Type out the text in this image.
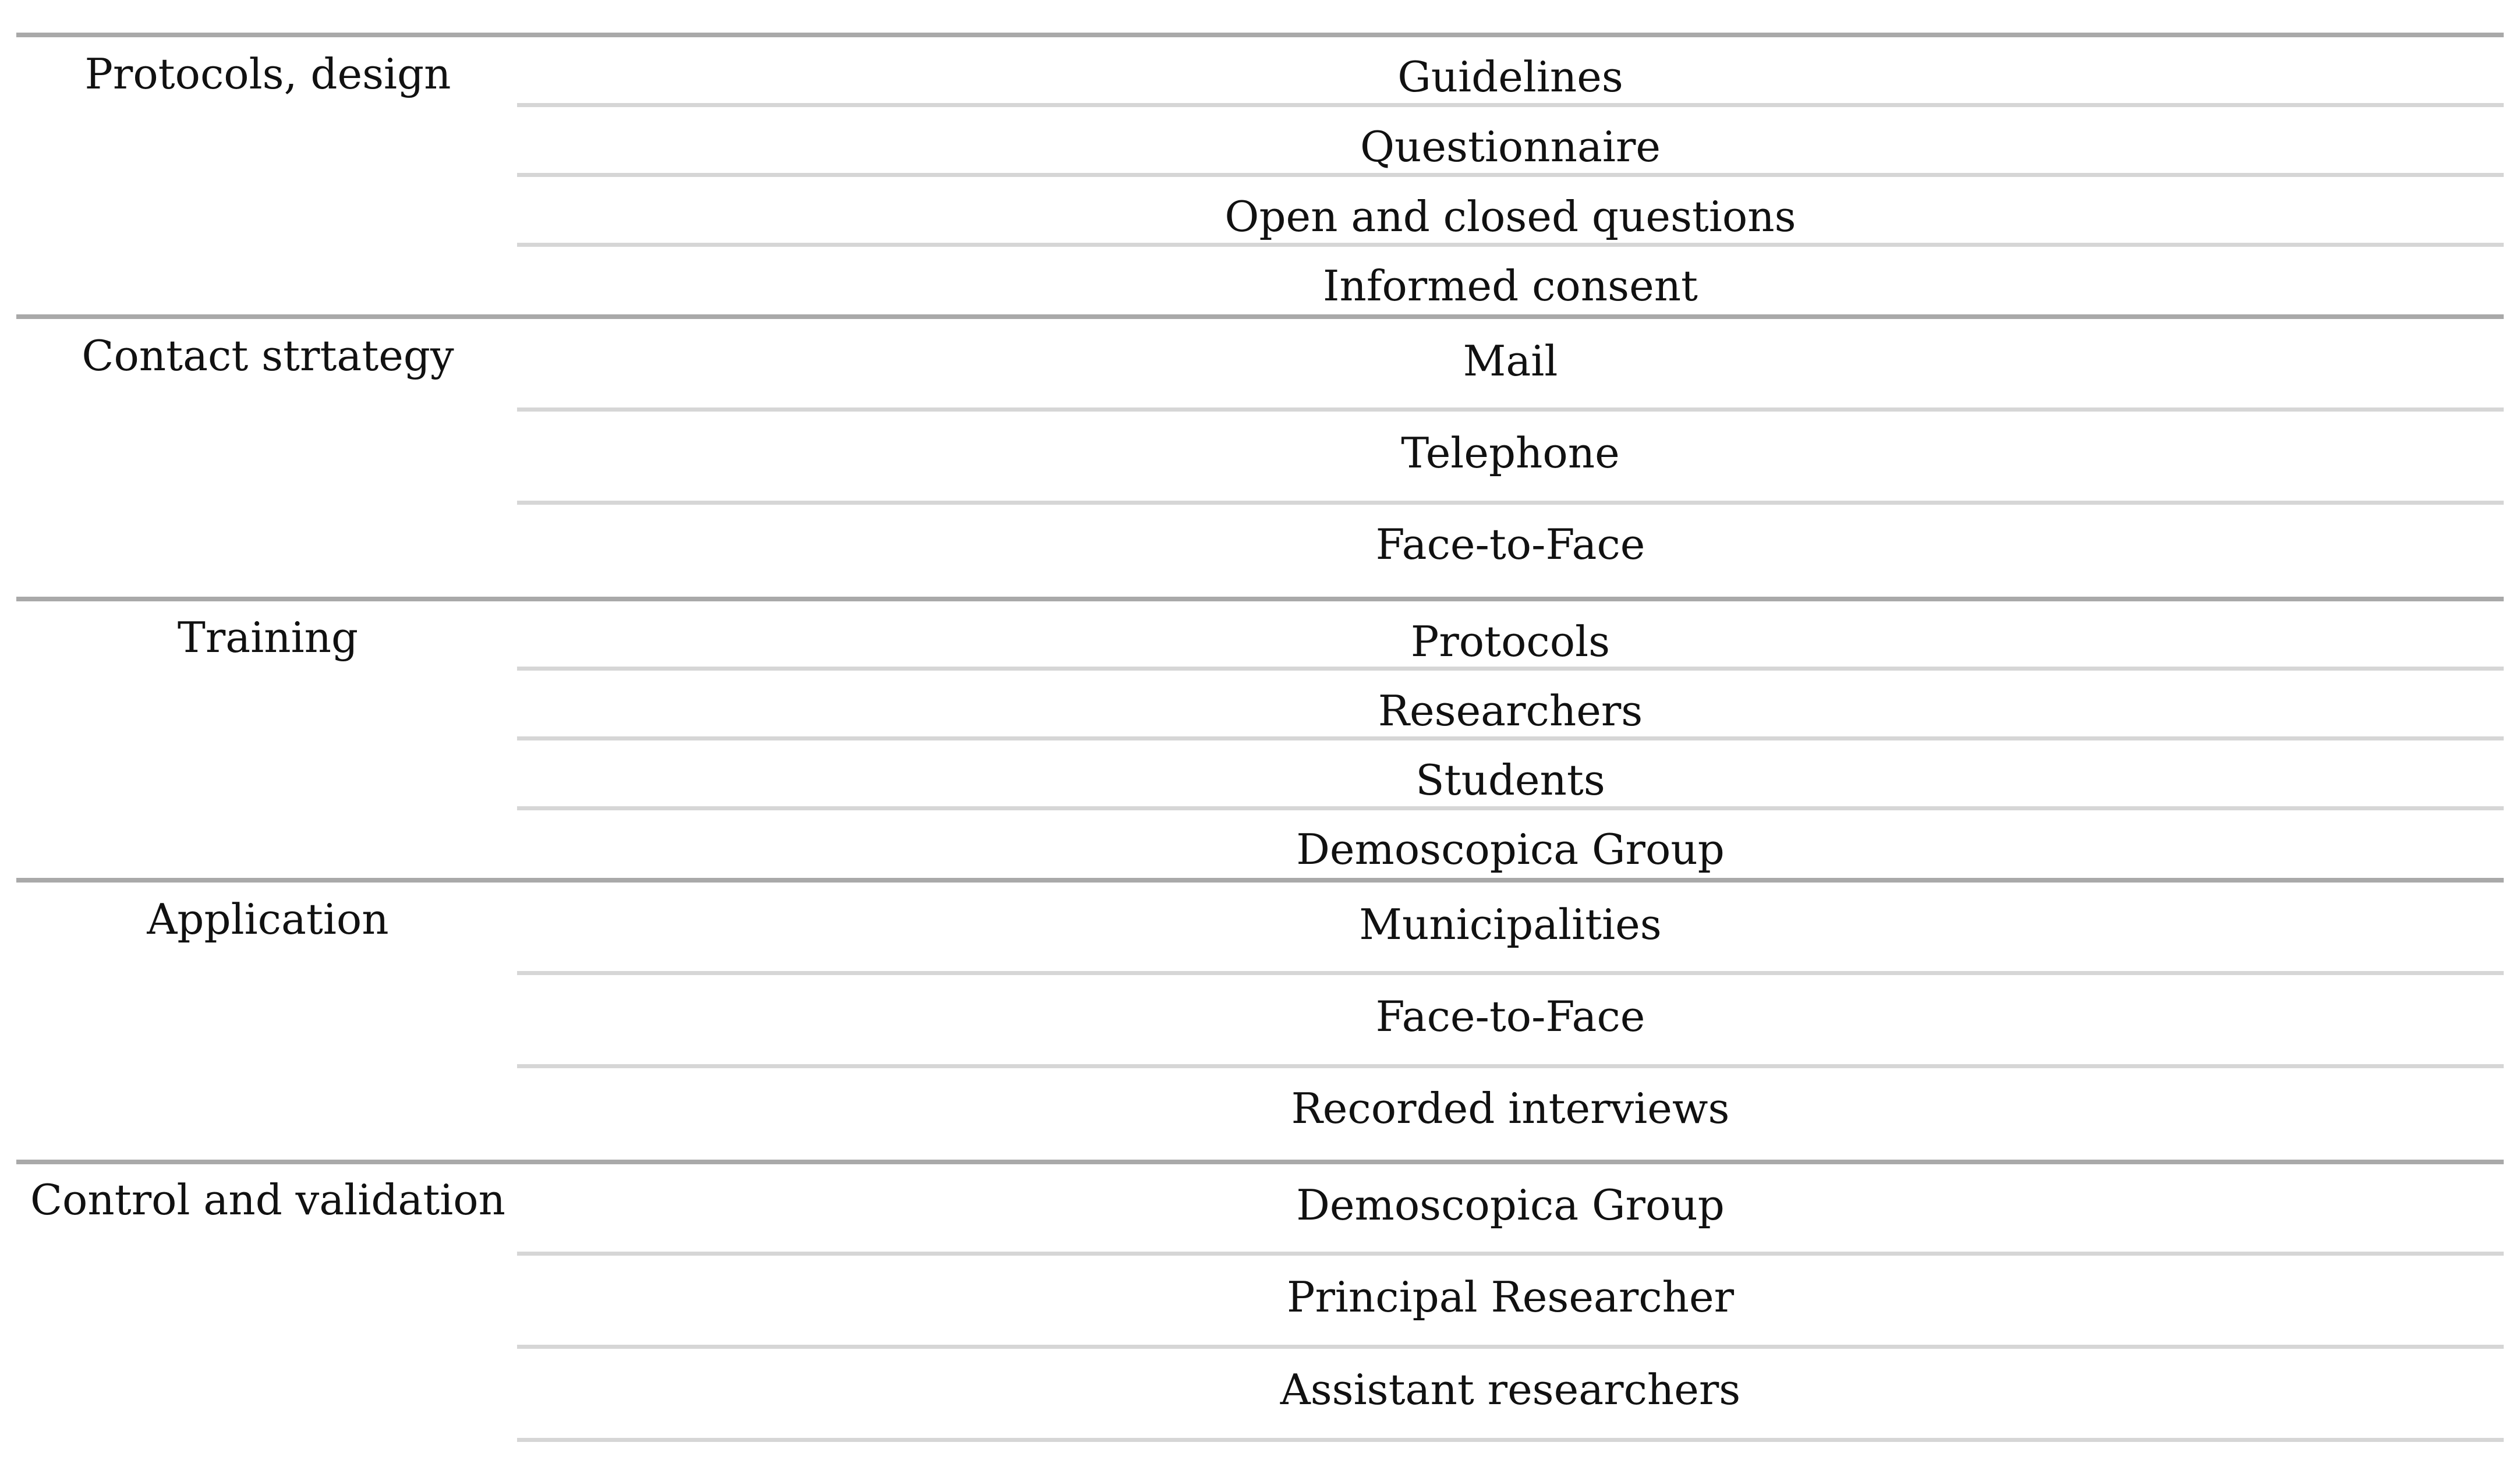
Protocols, design
Contact strtategy
Training
Application
Control and validation
Guidelines
Questionnaire
Open and closed questions
Informed consent
Mail
Telephone
Face-to-Face
Protocols
Researchers
Students
Demoscopica Group
Municipalities
Face-to-Face
Recorded interviews
Demoscopica Group
Principal Researcher
Assistant researchers
